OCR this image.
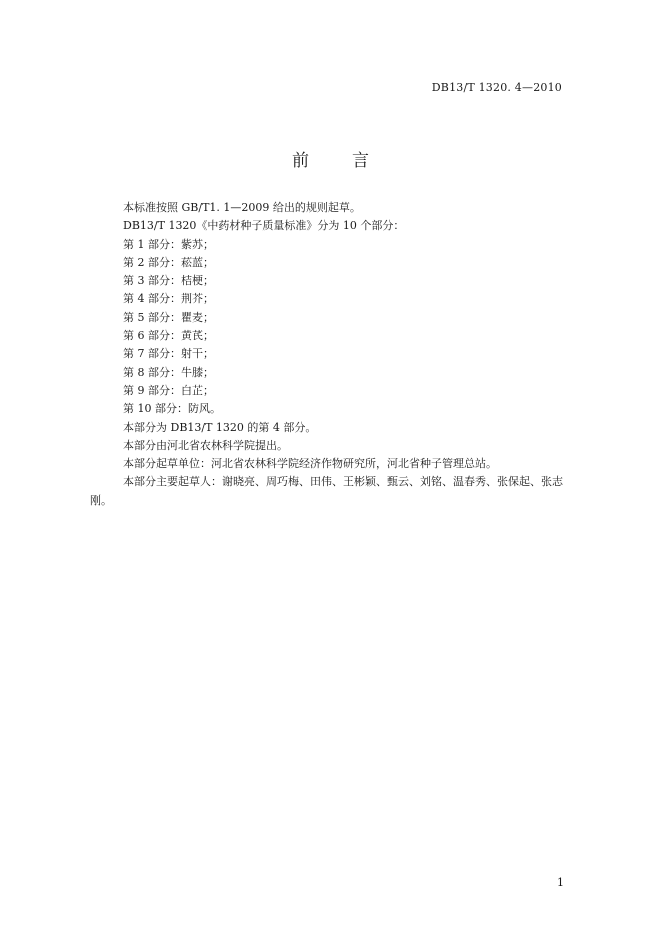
DB13/T 1320. 4—2010
前 言
本标准按照 GB/T1. 1—2009 给出的规则起草。
DB13/T 1320《中药材种子质量标准》分为 10 个部分：
第 1 部分：紫苏；
第 2 部分：菘蓝；
第 3 部分：桔梗；
第 4 部分：荆芥；
第 5 部分：瞿麦；
第 6 部分：黄芪；
第 7 部分：射干；
第 8 部分：牛膝；
第 9 部分：白芷；
第 10 部分：防风。
本部分为 DB13/T 1320 的第 4 部分。
本部分由河北省农林科学院提出。
本部分起草单位：河北省农林科学院经济作物研究所，河北省种子管理总站。
本部分主要起草人：谢晓亮、周巧梅、田伟、王彬颖、甄云、刘铭、温春秀、张保起、张志刚。
1
